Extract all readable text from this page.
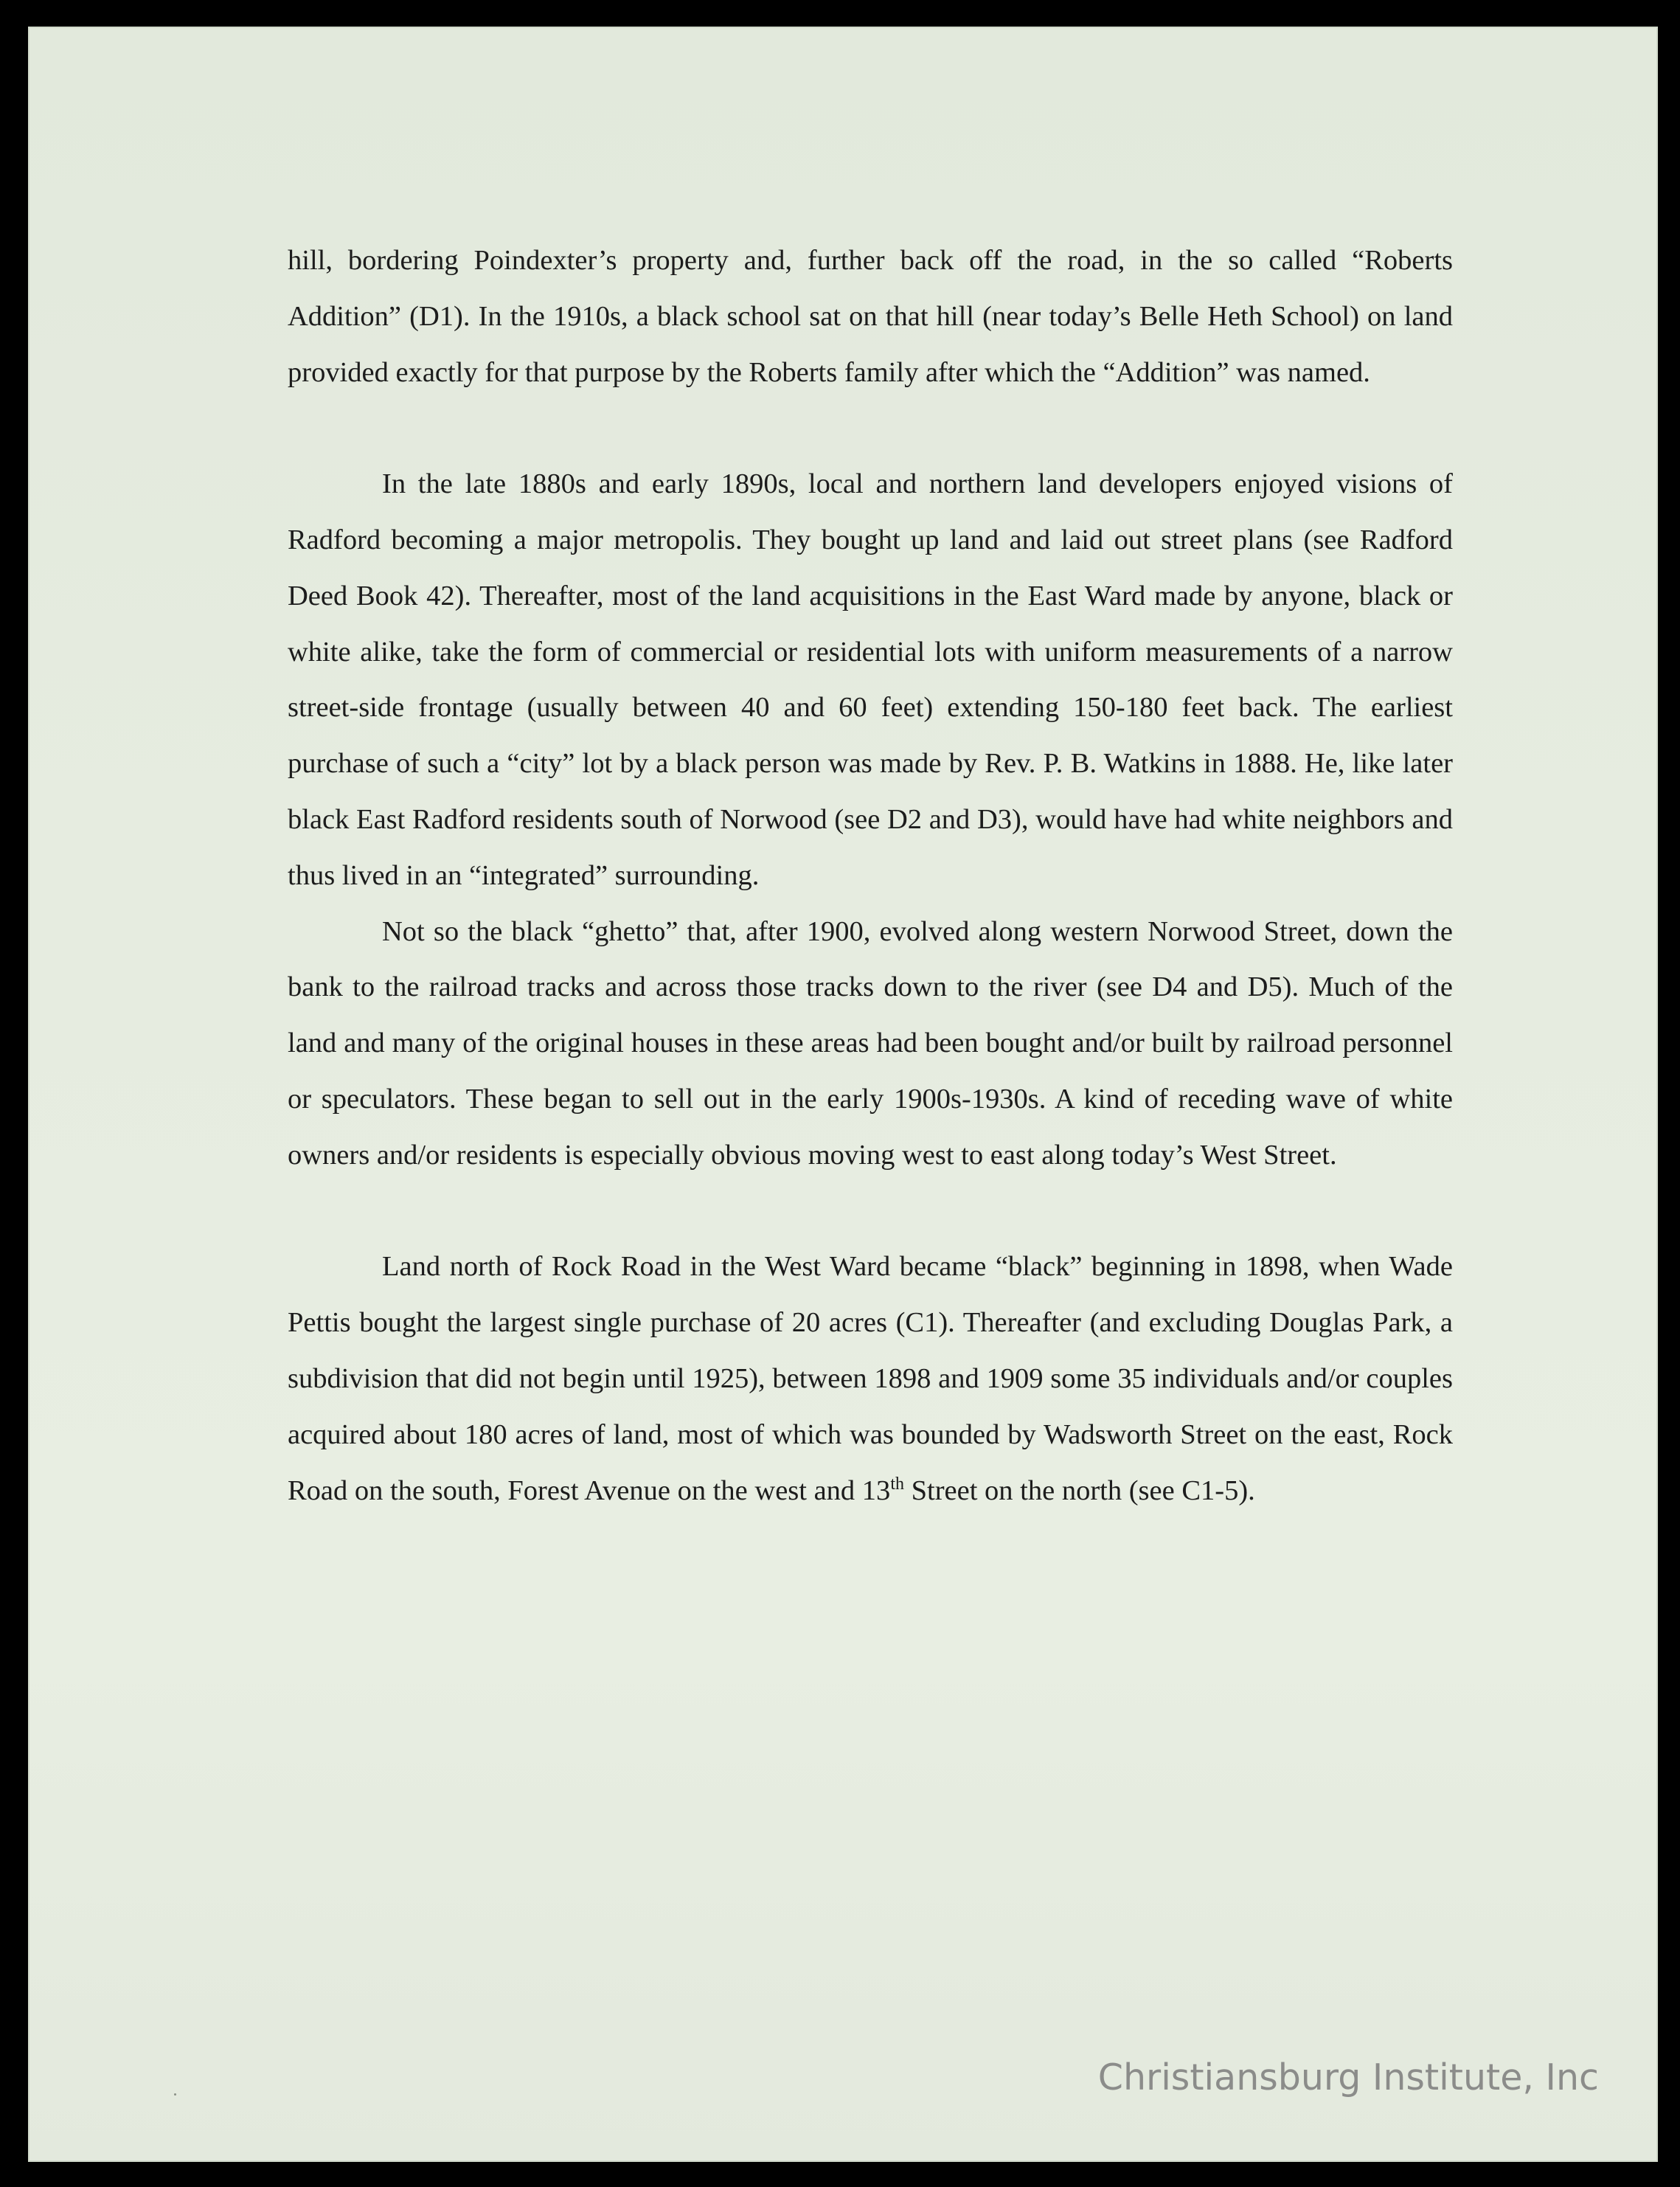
hill, bordering Poindexter’s property and, further back off the road, in the so called “Roberts Addition” (D1). In the 1910s, a black school sat on that hill (near today’s Belle Heth School) on land provided exactly for that purpose by the Roberts family after which the “Addition” was named.

In the late 1880s and early 1890s, local and northern land developers enjoyed visions of Radford becoming a major metropolis. They bought up land and laid out street plans (see Radford Deed Book 42). Thereafter, most of the land acquisitions in the East Ward made by anyone, black or white alike, take the form of commercial or residential lots with uniform measurements of a narrow street-side frontage (usually between 40 and 60 feet) extending 150-180 feet back. The earliest purchase of such a “city” lot by a black person was made by Rev. P. B. Watkins in 1888. He, like later black East Radford residents south of Norwood (see D2 and D3), would have had white neighbors and thus lived in an “integrated” surrounding.

Not so the black “ghetto” that, after 1900, evolved along western Norwood Street, down the bank to the railroad tracks and across those tracks down to the river (see D4 and D5). Much of the land and many of the original houses in these areas had been bought and/or built by railroad personnel or speculators. These began to sell out in the early 1900s-1930s. A kind of receding wave of white owners and/or residents is especially obvious moving west to east along today’s West Street.

Land north of Rock Road in the West Ward became “black” beginning in 1898, when Wade Pettis bought the largest single purchase of 20 acres (C1). Thereafter (and excluding Douglas Park, a subdivision that did not begin until 1925), between 1898 and 1909 some 35 individuals and/or couples acquired about 180 acres of land, most of which was bounded by Wadsworth Street on the east, Rock Road on the south, Forest Avenue on the west and 13th Street on the north (see C1-5).

Christiansburg Institute, Inc
